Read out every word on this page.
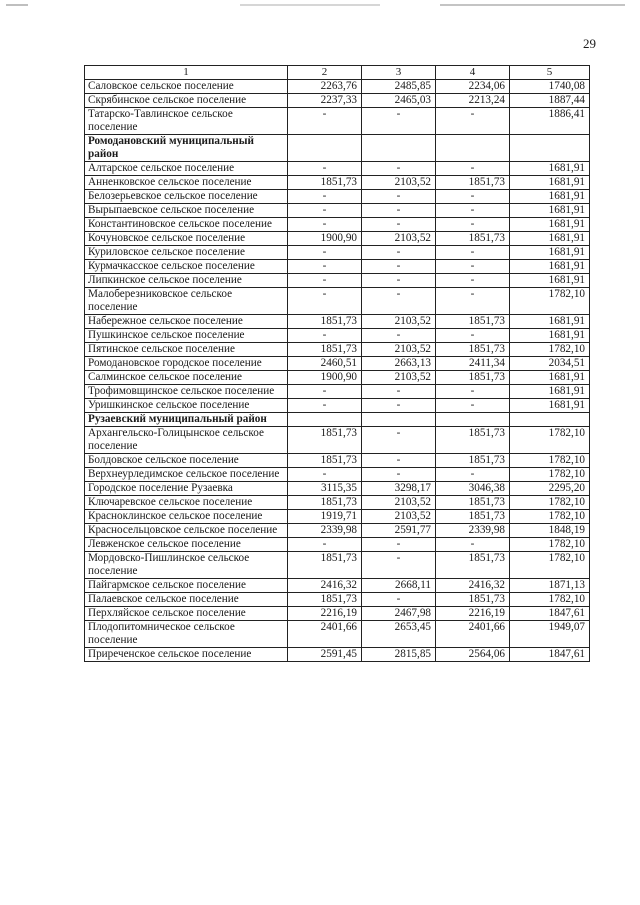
29
1	2	3	4	5
Саловское сельское поселение	2263,76	2485,85	2234,06	1740,08
Скрябинское сельское поселение	2237,33	2465,03	2213,24	1887,44
Татарско-Тавлинское сельское поселение	-	-	-	1886,41
Ромодановский муниципальный район				
Алтарское сельское поселение	-	-	-	1681,91
Анненковское сельское поселение	1851,73	2103,52	1851,73	1681,91
Белозерьевское сельское поселение	-	-	-	1681,91
Вырыпаевское сельское поселение	-	-	-	1681,91
Константиновское сельское поселение	-	-	-	1681,91
Кочуновское сельское поселение	1900,90	2103,52	1851,73	1681,91
Куриловское сельское поселение	-	-	-	1681,91
Курмачкасское сельское поселение	-	-	-	1681,91
Липкинское сельское поселение	-	-	-	1681,91
Малоберезниковское сельское поселение	-	-	-	1782,10
Набережное сельское поселение	1851,73	2103,52	1851,73	1681,91
Пушкинское сельское поселение	-	-	-	1681,91
Пятинское сельское поселение	1851,73	2103,52	1851,73	1782,10
Ромодановское городское поселение	2460,51	2663,13	2411,34	2034,51
Салминское сельское поселение	1900,90	2103,52	1851,73	1681,91
Трофимовщинское сельское поселение	-	-	-	1681,91
Уришкинское сельское поселение	-	-	-	1681,91
Рузаевский муниципальный район				
Архангельско-Голицынское сельское поселение	1851,73	-	1851,73	1782,10
Болдовское сельское поселение	1851,73	-	1851,73	1782,10
Верхнеурледимское сельское поселение	-	-	-	1782,10
Городское поселение Рузаевка	3115,35	3298,17	3046,38	2295,20
Ключаревское сельское поселение	1851,73	2103,52	1851,73	1782,10
Красноклинское сельское поселение	1919,71	2103,52	1851,73	1782,10
Красносельцовское сельское поселение	2339,98	2591,77	2339,98	1848,19
Левженское сельское поселение	-	-	-	1782,10
Мордовско-Пишлинское сельское поселение	1851,73	-	1851,73	1782,10
Пайгармское сельское поселение	2416,32	2668,11	2416,32	1871,13
Палаевское сельское поселение	1851,73	-	1851,73	1782,10
Перхляйское сельское поселение	2216,19	2467,98	2216,19	1847,61
Плодопитомническое сельское поселение	2401,66	2653,45	2401,66	1949,07
Приреченское сельское поселение	2591,45	2815,85	2564,06	1847,61
